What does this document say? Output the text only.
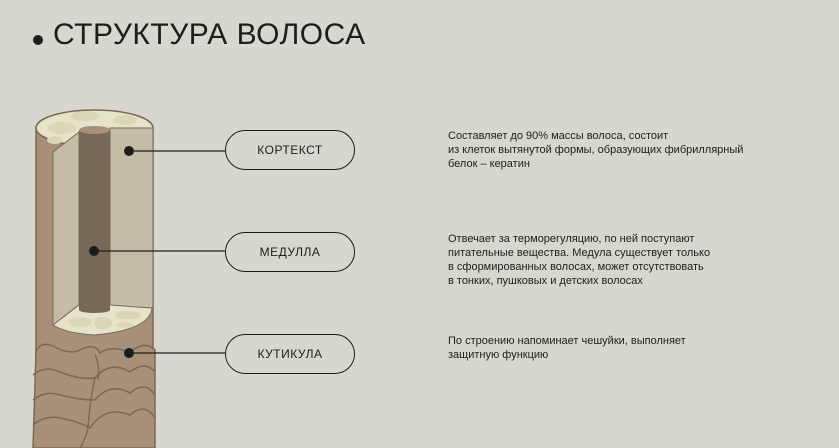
СТРУКТУРА ВОЛОСА
КОРТЕКСТ
МЕДУЛЛА
КУТИКУЛА
Составляет до 90% массы волоса, состоит
из клеток вытянутой формы, образующих фибриллярный
белок – кератин
Отвечает за терморегуляцию, по ней поступают
питательные вещества. Медула существует только
в сформированных волосах, может отсутствовать
в тонких, пушковых и детских волосах
По строению напоминает чешуйки, выполняет
защитную функцию
